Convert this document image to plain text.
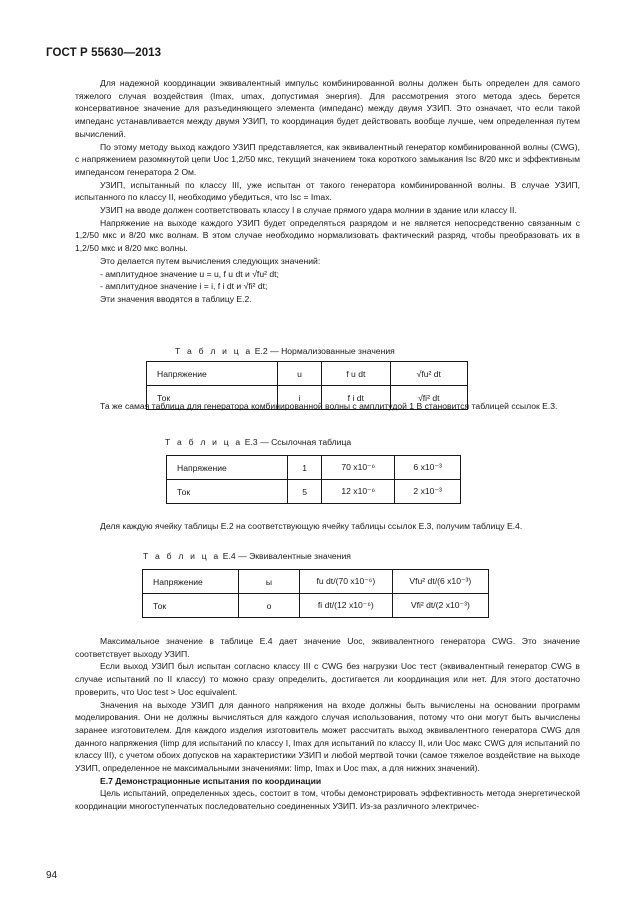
ГОСТ Р 55630—2013

Для надежной координации эквивалентный импульс комбинированной волны должен быть определен для самого тяжелого случая воздействия (Imax, umax, допустимая энергия). Для рассмотрения этого метода здесь берется консервативное значение для разъединяющего элемента (импеданс) между двумя УЗИП. Это означает, что если такой импеданс устанавливается между двумя УЗИП, то координация будет действовать вообще лучше, чем определенная путем вычислений.

По этому методу выход каждого УЗИП представляется, как эквивалентный генератор комбинированной волны (CWG), с напряжением разомкнутой цепи Uoc 1,2/50 мкс, текущий значением тока короткого замыкания Isc 8/20 мкс и эффективным импедансом генератора 2 Ом.

УЗИП, испытанный по классу III, уже испытан от такого генератора комбинированной волны. В случае УЗИП, испытанного по классу II, необходимо убедиться, что Isc = Imax.

УЗИП на вводе должен соответствовать классу I в случае прямого удара молнии в здание или классу II.

Напряжение на выходе каждого УЗИП будет определяться разрядом и не является непосредственно связанным с 1,2/50 мкс и 8/20 мкс волнам. В этом случае необходимо нормализовать фактический разряд, чтобы преобразовать их в 1,2/50 мкс и 8/20 мкс волны.

Это делается путем вычисления следующих значений:

- амплитудное значение u = u, f u dt и √fu² dt;

- амплитудное значение i = i, f i dt и √fi² dt;

Эти значения вводятся в таблицу E.2.

Т а б л и ц а E.2 — Нормализованные значения
Напряжение	u	f u dt	√fu² dt
Ток	i	f i dt	√fi² dt

Та же самая таблица для генератора комбинированной волны с амплитудой 1 В становится таблицей ссылок E.3.

Т а б л и ц а E.3 — Ссылочная таблица
Напряжение	1	70 x10⁻⁶	6 x10⁻³
Ток	5	12 x10⁻⁶	2 x10⁻³

Деля каждую ячейку таблицы E.2 на соответствующую ячейку таблицы ссылок E.3, получим таблицу E.4.

Т а б л и ц а E.4 — Эквивалентные значения
Напряжение	ы	fu dt/(70 x10⁻⁶)	Vfu² dt/(6 x10⁻³)
Ток	о	fi dt/(12 x10⁻⁶)	Vfi² dt/(2 x10⁻³)

Максимальное значение в таблице E.4 дает значение Uoc, эквивалентного генератора CWG. Это значение соответствует выходу УЗИП.

Если выход УЗИП был испытан согласно классу III с CWG без нагрузки Uoc тест (эквивалентный генератор CWG в случае испытаний по II классу) то можно сразу определить, достигается ли координация или нет. Для этого достаточно проверить, что Uoc test > Uoc equivalent.

Значения на выходе УЗИП для данного напряжения на входе должны быть вычислены на основании программ моделирования. Они не должны вычисляться для каждого случая использования, потому что они могут быть вычислены заранее изготовителем. Для каждого изделия изготовитель может рассчитать выход эквивалентного генератора CWG для данного напряжения (Iimp для испытаний по классу I, Imax для испытаний по классу II, или Uoc макс CWG для испытаний по классу III), с учетом обоих допусков на характеристики УЗИП и любой мертвой точки (самое тяжелое воздействие на выходе УЗИП, определенное не максимальными значениями: Iimp, Imax и Uoc max, а для нижних значений).

E.7 Демонстрационные испытания по координации

Цель испытаний, определенных здесь, состоит в том, чтобы демонстрировать эффективность метода энергетической координации многоступенчатых последовательно соединенных УЗИП. Из-за различного электричес-

94
